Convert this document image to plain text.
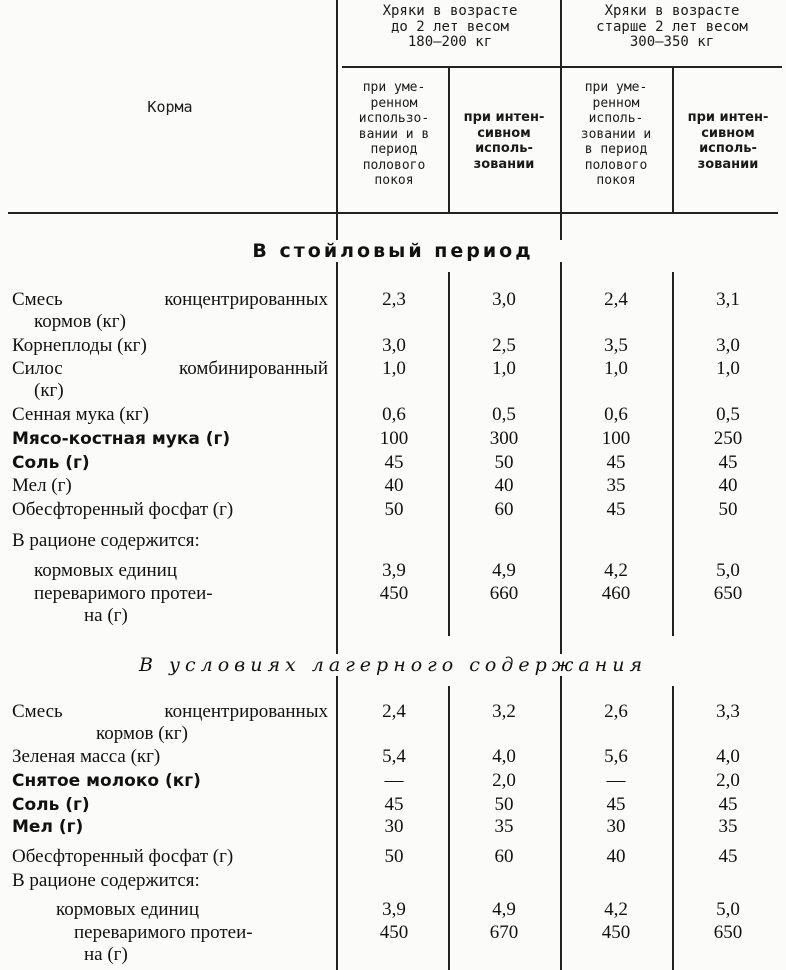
Корма
Хряки в возрасте
до 2 лет весом
180—200 кг
Хряки в возрасте
старше 2 лет весом
300—350 кг
при уме-
ренном
использо-
вании и в
период
полового
покоя
при интен-
сивном
исполь-
зовании
при уме-
ренном
исполь-
зовании и
в период
полового
покоя
при интен-
сивном
исполь-
зовании
В стойловый период
Смесь концентрированных
кормов (кг)
2,3	3,0	2,4	3,1
Корнеплоды (кг)	3,0	2,5	3,5	3,0
Силос комбинированный
(кг)
1,0	1,0	1,0	1,0
Сенная мука (кг)	0,6	0,5	0,6	0,5
Мясо-костная мука (г)	100	300	100	250
Соль (г)	45	50	45	45
Мел (г)	40	40	35	40
Обесфторенный фосфат (г)	50	60	45	50
В рационе содержится:
кормовых единиц	3,9	4,9	4,2	5,0
переваримого протеи-
на (г)
450	660	460	650
В условиях лагерного содержания
Смесь концентрированных
кормов (кг)
2,4	3,2	2,6	3,3
Зеленая масса (кг)	5,4	4,0	5,6	4,0
Снятое молоко (кг)	—	2,0	—	2,0
Соль (г)	45	50	45	45
Мел (г)	30	35	30	35
Обесфторенный фосфат (г)	50	60	40	45
В рационе содержится:
кормовых единиц	3,9	4,9	4,2	5,0
переваримого протеи-
на (г)
450	670	450	650
